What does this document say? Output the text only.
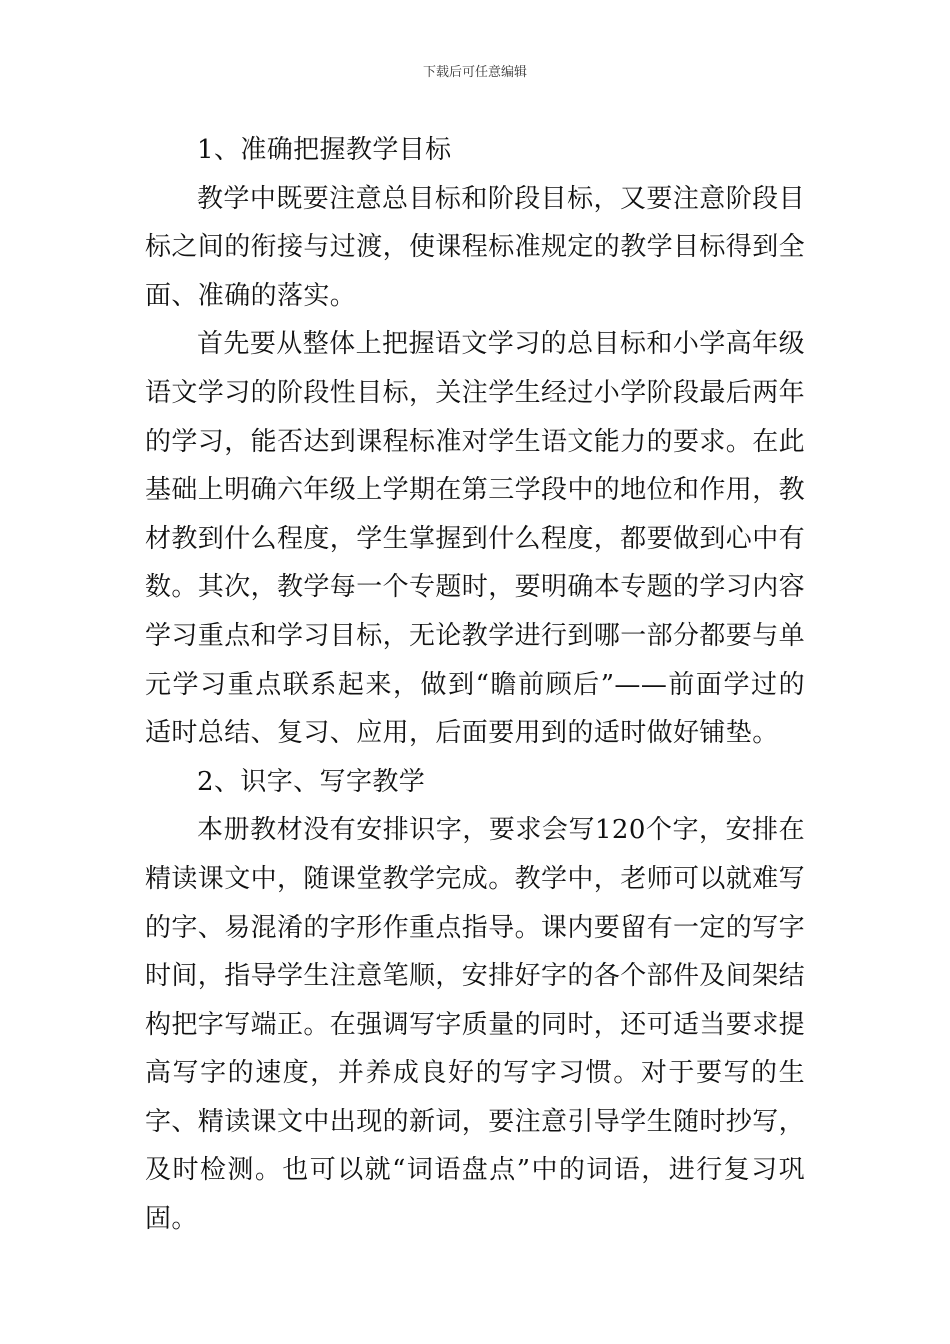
下载后可任意编辑

1、准确把握教学目标

教学中既要注意总目标和阶段目标，又要注意阶段目标之间的衔接与过渡，使课程标准规定的教学目标得到全面、准确的落实。

首先要从整体上把握语文学习的总目标和小学高年级语文学习的阶段性目标，关注学生经过小学阶段最后两年的学习，能否达到课程标准对学生语文能力的要求。在此基础上明确六年级上学期在第三学段中的地位和作用，教材教到什么程度，学生掌握到什么程度，都要做到心中有数。其次，教学每一个专题时，要明确本专题的学习内容学习重点和学习目标，无论教学进行到哪一部分都要与单元学习重点联系起来，做到“瞻前顾后”——前面学过的适时总结、复习、应用，后面要用到的适时做好铺垫。

2、识字、写字教学

本册教材没有安排识字，要求会写120个字，安排在精读课文中，随课堂教学完成。教学中，老师可以就难写的字、易混淆的字形作重点指导。课内要留有一定的写字时间，指导学生注意笔顺，安排好字的各个部件及间架结构把字写端正。在强调写字质量的同时，还可适当要求提高写字的速度，并养成良好的写字习惯。对于要写的生字、精读课文中出现的新词，要注意引导学生随时抄写，及时检测。也可以就“词语盘点”中的词语，进行复习巩固。
